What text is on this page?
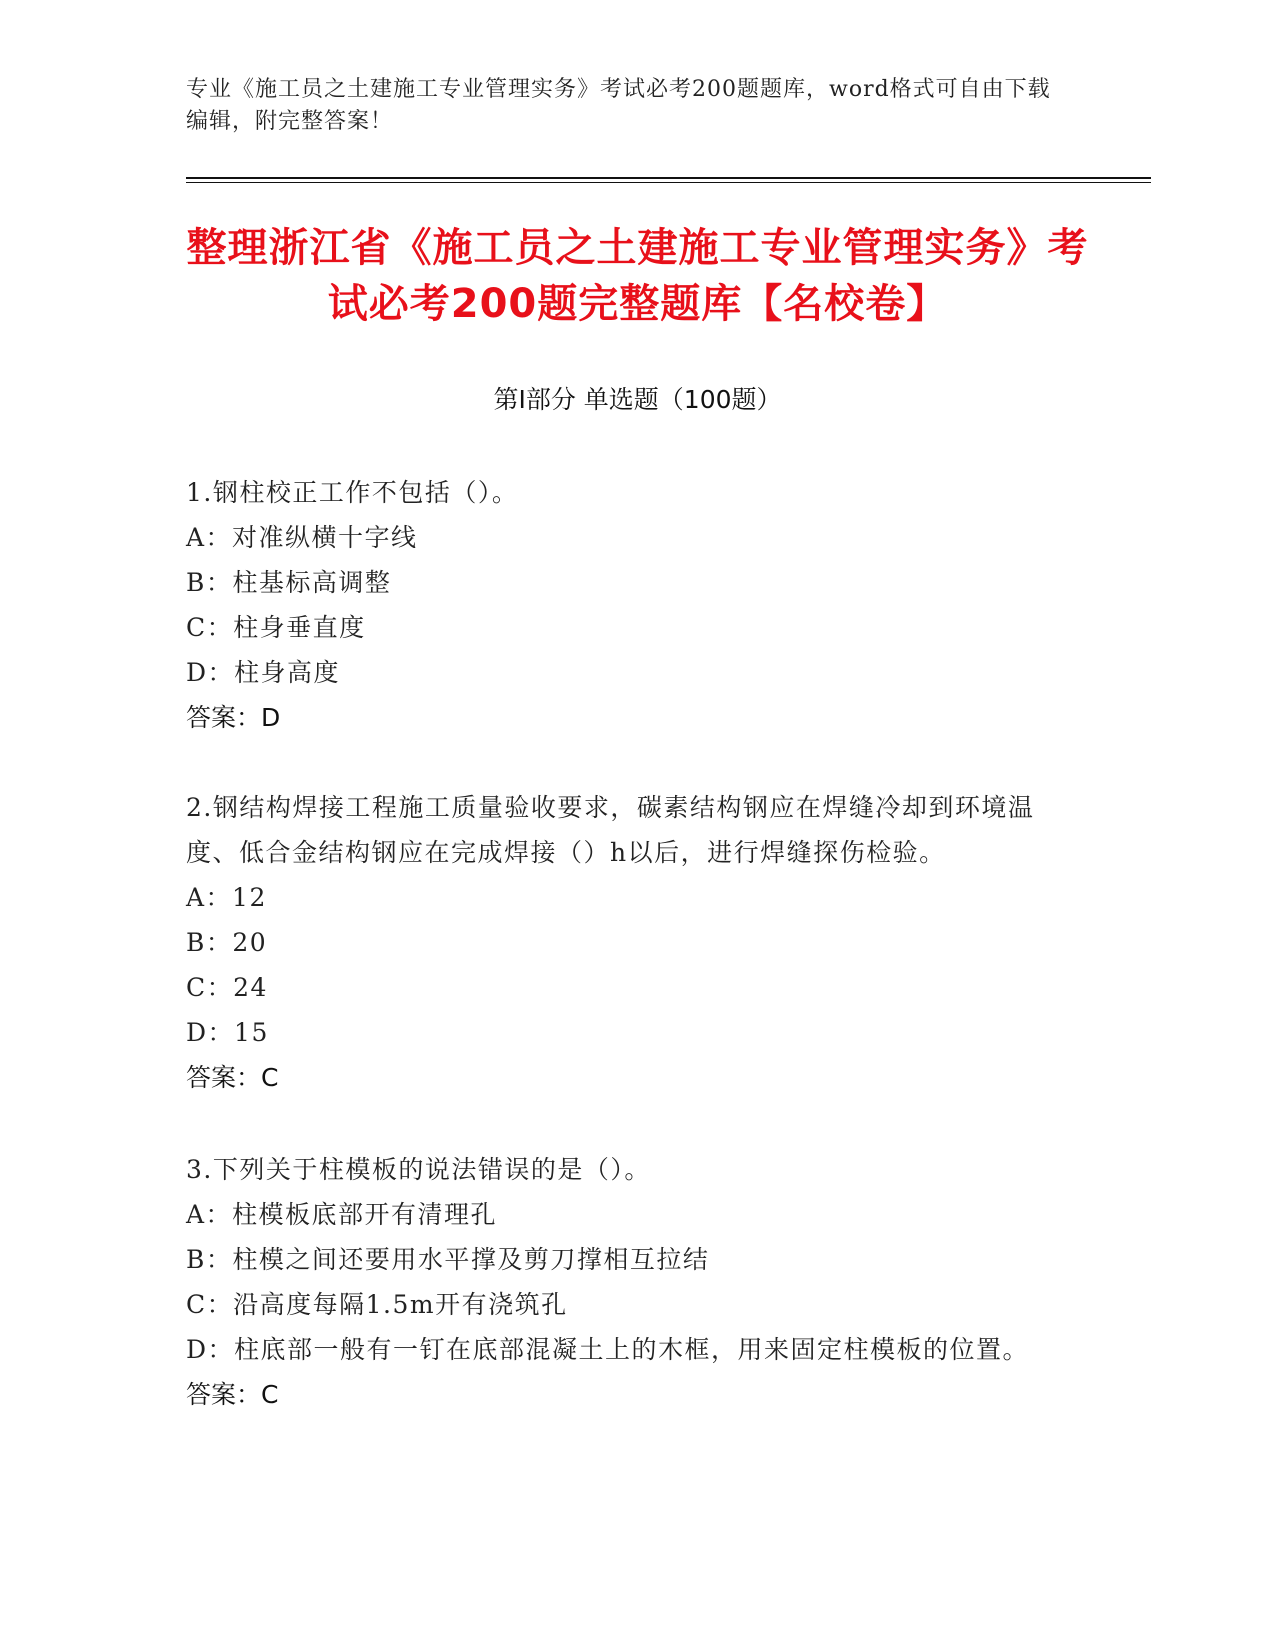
专业《施工员之土建施工专业管理实务》考试必考200题题库，word格式可自由下载编辑，附完整答案！
整理浙江省《施工员之土建施工专业管理实务》考试必考200题完整题库【名校卷】
第I部分 单选题（100题）
1.钢柱校正工作不包括（）。
A：对准纵横十字线
B：柱基标高调整
C：柱身垂直度
D：柱身高度
答案：D
2.钢结构焊接工程施工质量验收要求，碳素结构钢应在焊缝冷却到环境温度、低合金结构钢应在完成焊接（）h以后，进行焊缝探伤检验。
A：12
B：20
C：24
D：15
答案：C
3.下列关于柱模板的说法错误的是（）。
A：柱模板底部开有清理孔
B：柱模之间还要用水平撑及剪刀撑相互拉结
C：沿高度每隔1.5m开有浇筑孔
D：柱底部一般有一钉在底部混凝土上的木框，用来固定柱模板的位置。
答案：C
